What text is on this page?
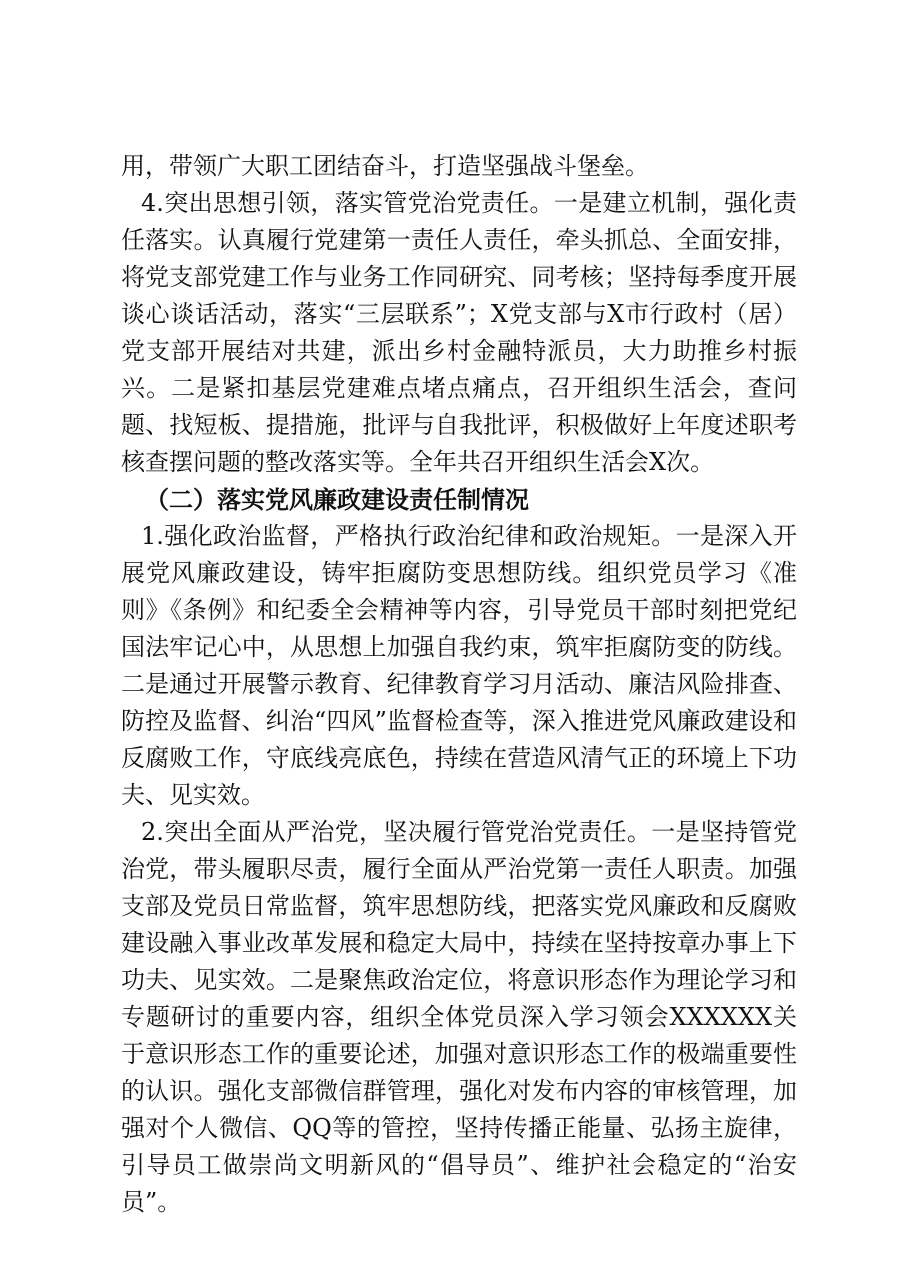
用，带领广大职工团结奋斗，打造坚强战斗堡垒。

4.突出思想引领，落实管党治党责任。一是建立机制，强化责任落实。认真履行党建第一责任人责任，牵头抓总、全面安排，将党支部党建工作与业务工作同研究、同考核；坚持每季度开展谈心谈话活动，落实“三层联系”；X党支部与X市行政村（居）党支部开展结对共建，派出乡村金融特派员，大力助推乡村振兴。二是紧扣基层党建难点堵点痛点，召开组织生活会，查问题、找短板、提措施，批评与自我批评，积极做好上年度述职考核查摆问题的整改落实等。全年共召开组织生活会X次。

（二）落实党风廉政建设责任制情况

1.强化政治监督，严格执行政治纪律和政治规矩。一是深入开展党风廉政建设，铸牢拒腐防变思想防线。组织党员学习《准则》《条例》和纪委全会精神等内容，引导党员干部时刻把党纪国法牢记心中，从思想上加强自我约束，筑牢拒腐防变的防线。二是通过开展警示教育、纪律教育学习月活动、廉洁风险排查、防控及监督、纠治“四风”监督检查等，深入推进党风廉政建设和反腐败工作，守底线亮底色，持续在营造风清气正的环境上下功夫、见实效。

2.突出全面从严治党，坚决履行管党治党责任。一是坚持管党治党，带头履职尽责，履行全面从严治党第一责任人职责。加强支部及党员日常监督，筑牢思想防线，把落实党风廉政和反腐败建设融入事业改革发展和稳定大局中，持续在坚持按章办事上下功夫、见实效。二是聚焦政治定位，将意识形态作为理论学习和专题研讨的重要内容，组织全体党员深入学习领会XXXXXX关于意识形态工作的重要论述，加强对意识形态工作的极端重要性的认识。强化支部微信群管理，强化对发布内容的审核管理，加强对个人微信、QQ等的管控，坚持传播正能量、弘扬主旋律，引导员工做崇尚文明新风的“倡导员”、维护社会稳定的“治安员”。
